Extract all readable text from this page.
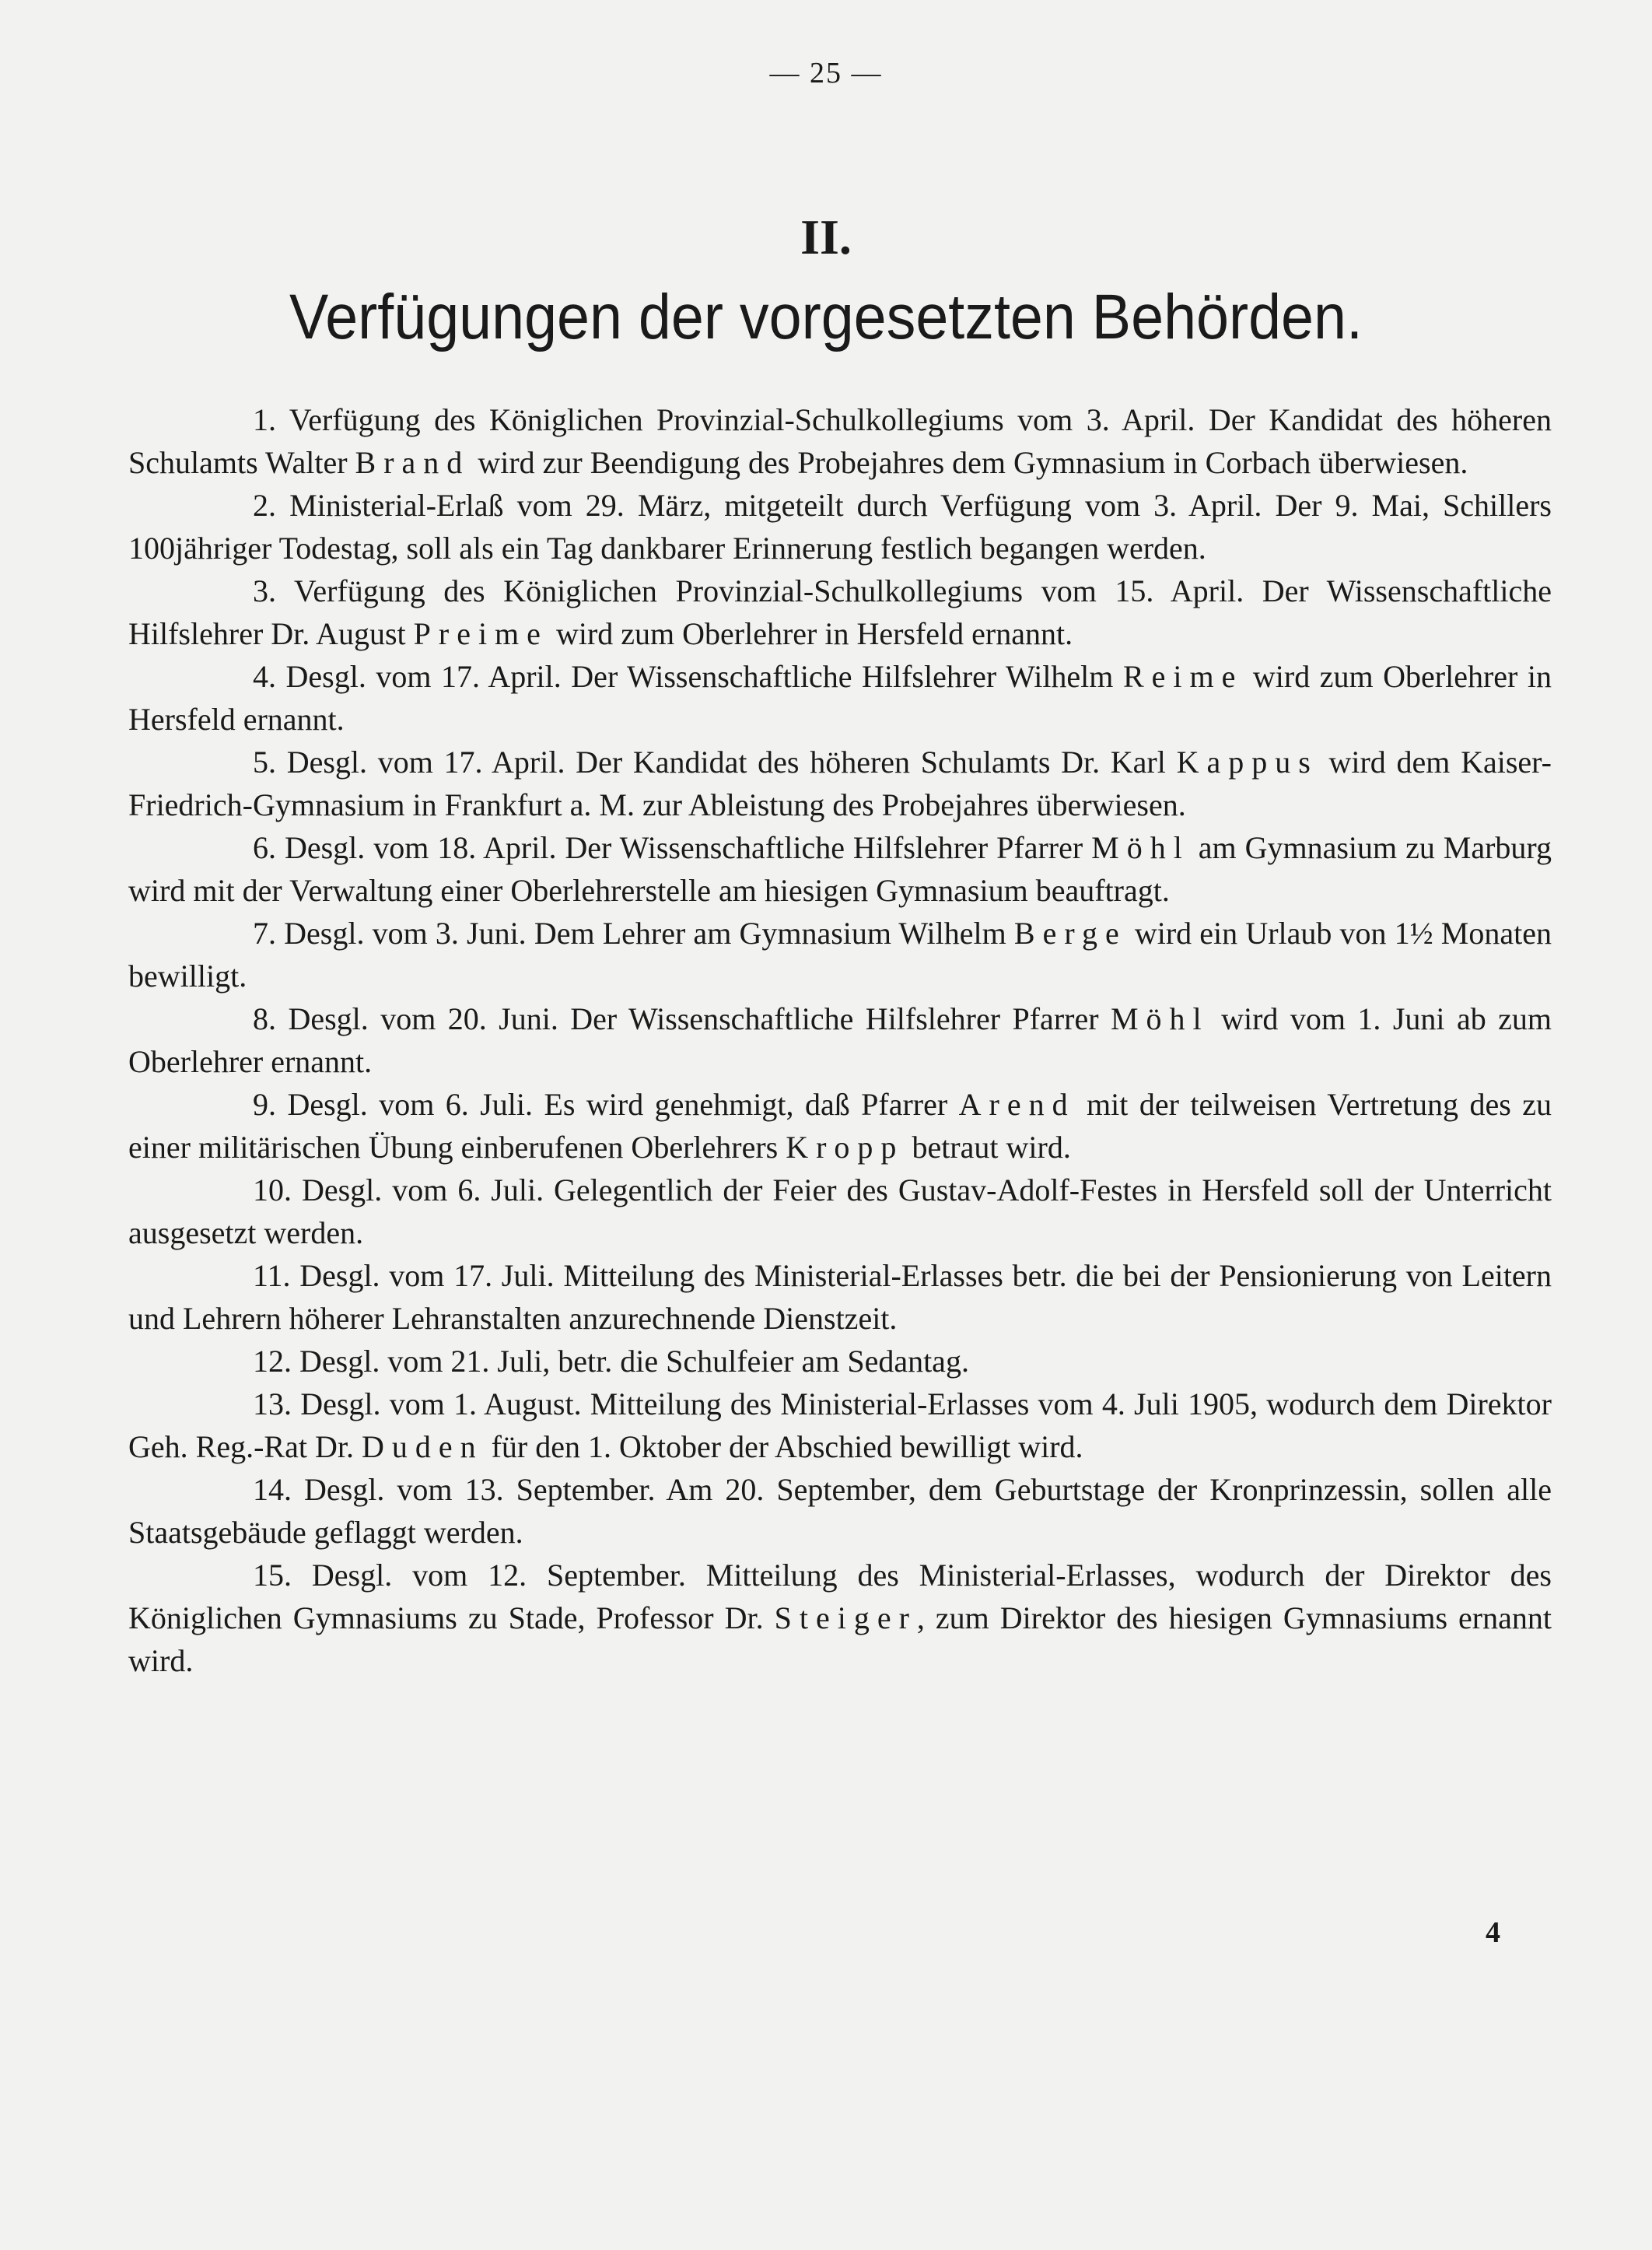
— 25 —
II.
Verfügungen der vorgesetzten Behörden.

1. Verfügung des Königlichen Provinzial-Schulkollegiums vom 3. April. Der Kandidat des höheren Schulamts Walter Brand wird zur Beendigung des Probejahres dem Gymnasium in Corbach überwiesen.

2. Ministerial-Erlaß vom 29. März, mitgeteilt durch Verfügung vom 3. April. Der 9. Mai, Schillers 100jähriger Todestag, soll als ein Tag dankbarer Erinnerung festlich begangen werden.

3. Verfügung des Königlichen Provinzial-Schulkollegiums vom 15. April. Der Wissenschaftliche Hilfslehrer Dr. August Preime wird zum Oberlehrer in Hersfeld ernannt.

4. Desgl. vom 17. April. Der Wissenschaftliche Hilfslehrer Wilhelm Reime wird zum Oberlehrer in Hersfeld ernannt.

5. Desgl. vom 17. April. Der Kandidat des höheren Schulamts Dr. Karl Kappus wird dem Kaiser-Friedrich-Gymnasium in Frankfurt a. M. zur Ableistung des Probejahres überwiesen.

6. Desgl. vom 18. April. Der Wissenschaftliche Hilfslehrer Pfarrer Möhl am Gymnasium zu Marburg wird mit der Verwaltung einer Oberlehrerstelle am hiesigen Gymnasium beauftragt.

7. Desgl. vom 3. Juni. Dem Lehrer am Gymnasium Wilhelm Berge wird ein Urlaub von 1½ Monaten bewilligt.

8. Desgl. vom 20. Juni. Der Wissenschaftliche Hilfslehrer Pfarrer Möhl wird vom 1. Juni ab zum Oberlehrer ernannt.

9. Desgl. vom 6. Juli. Es wird genehmigt, daß Pfarrer Arend mit der teilweisen Vertretung des zu einer militärischen Übung einberufenen Oberlehrers Kropp betraut wird.

10. Desgl. vom 6. Juli. Gelegentlich der Feier des Gustav-Adolf-Festes in Hersfeld soll der Unterricht ausgesetzt werden.

11. Desgl. vom 17. Juli. Mitteilung des Ministerial-Erlasses betr. die bei der Pensionierung von Leitern und Lehrern höherer Lehranstalten anzurechnende Dienstzeit.

12. Desgl. vom 21. Juli, betr. die Schulfeier am Sedantag.

13. Desgl. vom 1. August. Mitteilung des Ministerial-Erlasses vom 4. Juli 1905, wodurch dem Direktor Geh. Reg.-Rat Dr. Duden für den 1. Oktober der Abschied bewilligt wird.

14. Desgl. vom 13. September. Am 20. September, dem Geburtstage der Kronprinzessin, sollen alle Staatsgebäude geflaggt werden.

15. Desgl. vom 12. September. Mitteilung des Ministerial-Erlasses, wodurch der Direktor des Königlichen Gymnasiums zu Stade, Professor Dr. Steiger, zum Direktor des hiesigen Gymnasiums ernannt wird.

4
